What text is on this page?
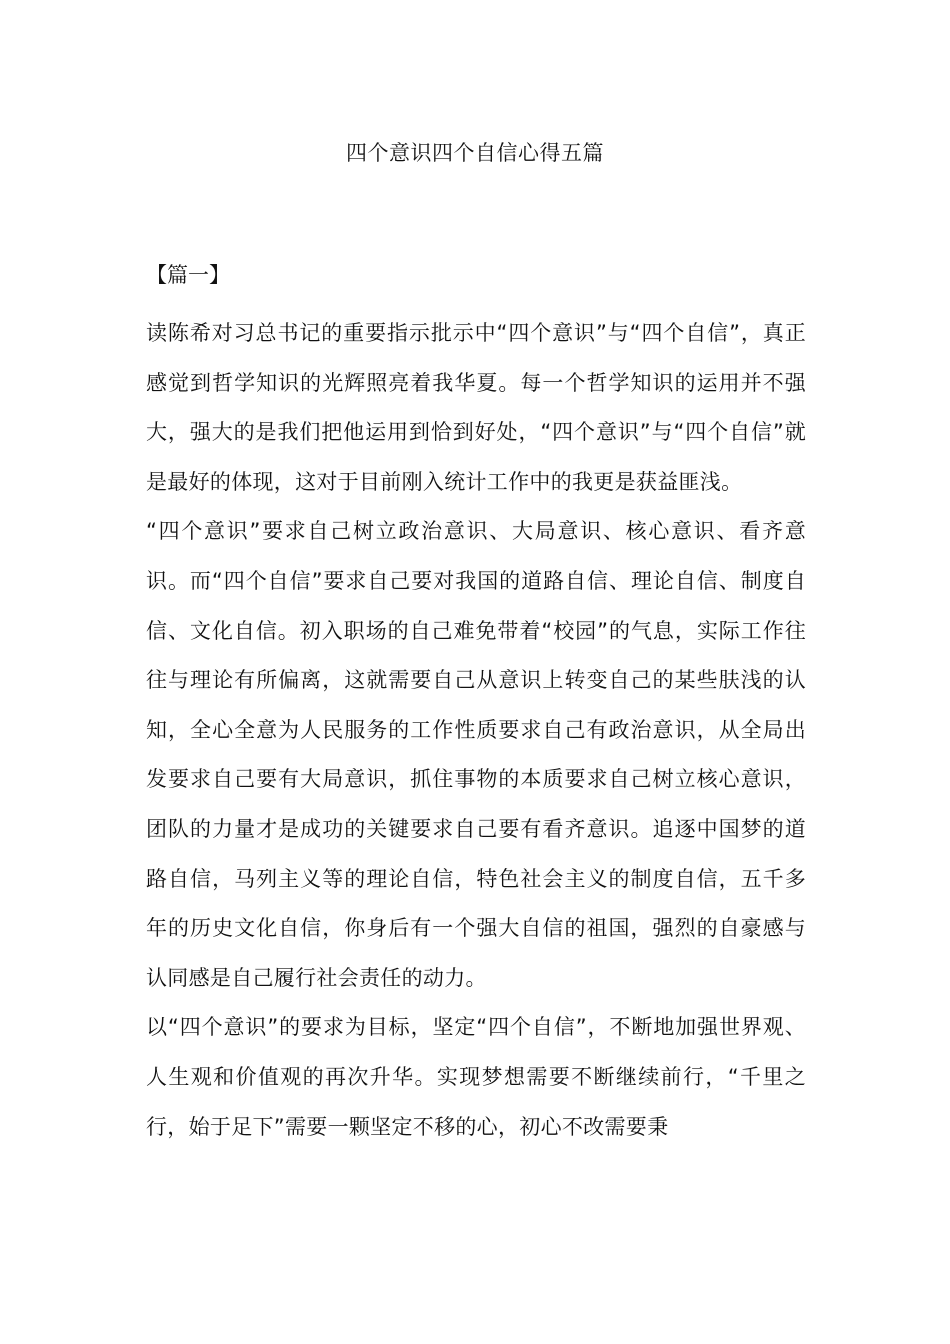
四个意识四个自信心得五篇
【篇一】

读陈希对习总书记的重要指示批示中“四个意识”与“四个自信”，真正感觉到哲学知识的光辉照亮着我华夏。每一个哲学知识的运用并不强大，强大的是我们把他运用到恰到好处，“四个意识”与“四个自信”就是最好的体现，这对于目前刚入统计工作中的我更是获益匪浅。

“四个意识”要求自己树立政治意识、大局意识、核心意识、看齐意识。而“四个自信”要求自己要对我国的道路自信、理论自信、制度自信、文化自信。初入职场的自己难免带着“校园”的气息，实际工作往往与理论有所偏离，这就需要自己从意识上转变自己的某些肤浅的认知，全心全意为人民服务的工作性质要求自己有政治意识，从全局出发要求自己要有大局意识，抓住事物的本质要求自己树立核心意识，团队的力量才是成功的关键要求自己要有看齐意识。追逐中国梦的道路自信，马列主义等的理论自信，特色社会主义的制度自信，五千多年的历史文化自信，你身后有一个强大自信的祖国，强烈的自豪感与认同感是自己履行社会责任的动力。

以“四个意识”的要求为目标，坚定“四个自信”，不断地加强世界观、人生观和价值观的再次升华。实现梦想需要不断继续前行，“千里之行，始于足下”需要一颗坚定不移的心，初心不改需要秉
